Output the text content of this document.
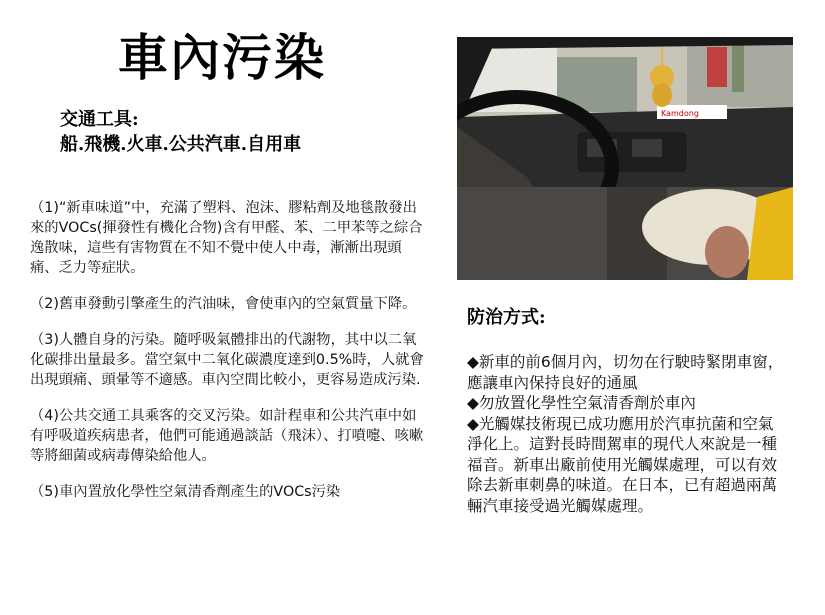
車內污染
交通工具:
船.飛機.火車.公共汽車.自用車

（1)“新車味道”中，充滿了塑料、泡沫、膠粘劑及地毯散發出來的VOCs(揮發性有機化合物)含有甲醛、苯、二甲苯等之綜合逸散味，這些有害物質在不知不覺中使人中毒，漸漸出現頭痛、乏力等症狀。

（2)舊車發動引擎產生的汽油味，會使車內的空氣質量下降。

（3)人體自身的污染。隨呼吸氣體排出的代謝物，其中以二氧化碳排出量最多。當空氣中二氧化碳濃度達到0.5%時，人就會出現頭痛、頭暈等不適感。車內空間比較小，更容易造成污染.

（4)公共交通工具乘客的交叉污染。如計程車和公共汽車中如有呼吸道疾病患者，他們可能通過談話（飛沫）、打噴嚏、咳嗽等將細菌或病毒傳染給他人。

（5)車內置放化學性空氣清香劑產生的VOCs污染

Kamdong
防治方式:

◆新車的前6個月內，切勿在行駛時緊閉車窗，應讓車內保持良好的通風

◆勿放置化學性空氣清香劑於車內

◆光觸媒技術現已成功應用於汽車抗菌和空氣淨化上。這對長時間駕車的現代人來說是一種福音。新車出廠前使用光觸媒處理，可以有效除去新車刺鼻的味道。在日本，已有超過兩萬輛汽車接受過光觸媒處理。
